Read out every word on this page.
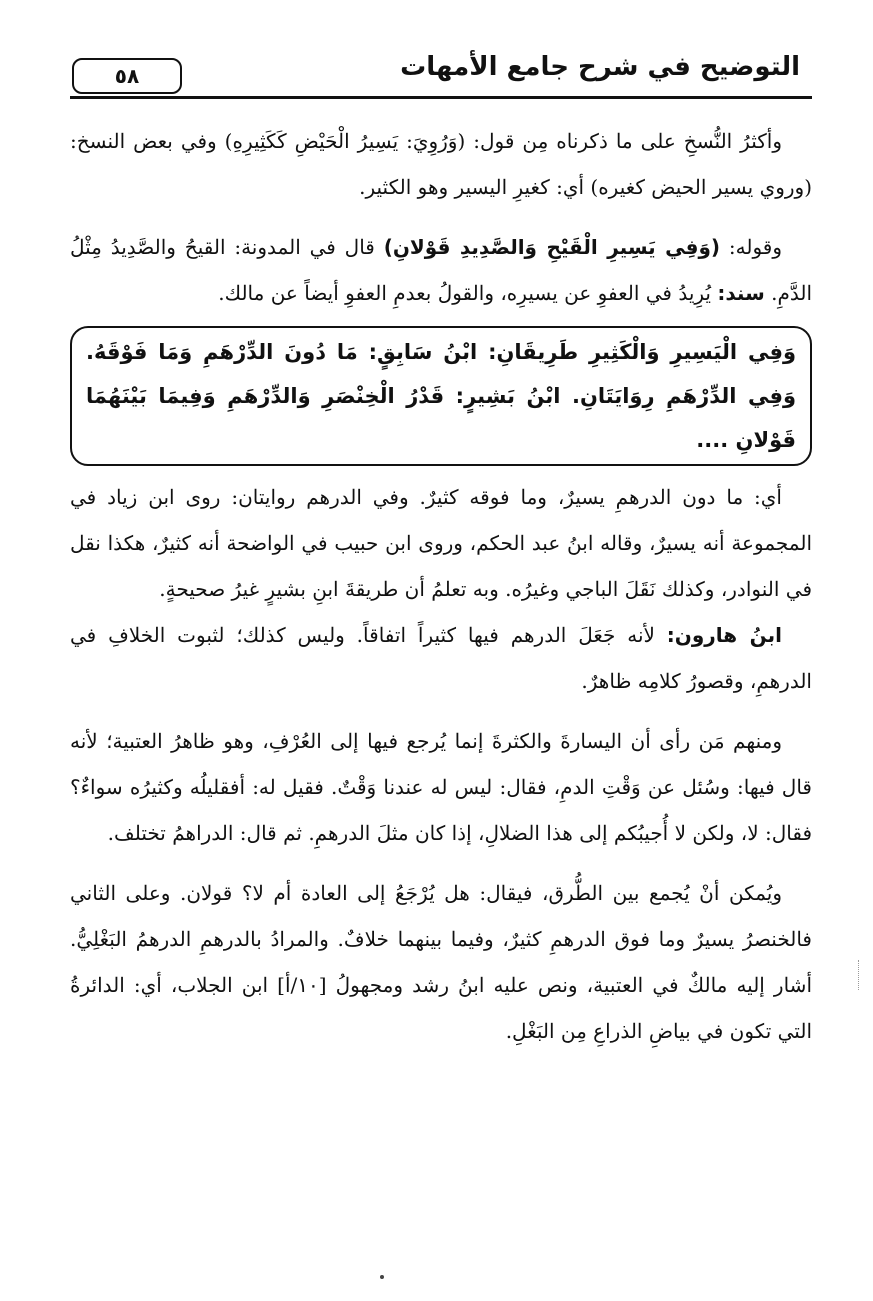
٥٨	التوضيح في شرح جامع الأمهات

وأكثرُ النُّسخِ على ما ذكرناه مِن قول: (وَرُوِيَ: يَسِيرُ الْحَيْضِ كَكَثِيرِهِ) وفي بعض النسخ: (وروي يسير الحيض كغيره) أي: كغيرِ اليسير وهو الكثير.

وقوله: (وَفِي يَسِيرِ الْقَيْحِ وَالصَّدِيدِ قَوْلانِ) قال في المدونة: القيحُ والصَّدِيدُ مِثْلُ الدَّمِ. سند: يُرِيدُ في العفوِ عن يسيرِه، والقولُ بعدمِ العفوِ أيضاً عن مالك.

وَفِي الْيَسِيرِ وَالْكَثِيرِ طَرِيقَانِ: ابْنُ سَابِقٍ: مَا دُونَ الدِّرْهَمِ وَمَا فَوْقَهُ. وَفِي الدِّرْهَمِ رِوَايَتَانِ. ابْنُ بَشِيرٍ: قَدْرُ الْخِنْصَرِ وَالدِّرْهَمِ وَفِيمَا بَيْنَهُمَا قَوْلانِ ....

أي: ما دون الدرهمِ يسيرٌ، وما فوقه كثيرٌ. وفي الدرهم روايتان: روى ابن زياد في المجموعة أنه يسيرٌ، وقاله ابنُ عبد الحكم، وروى ابن حبيب في الواضحة أنه كثيرٌ، هكذا نقل في النوادر، وكذلك نَقَلَ الباجي وغيرُه. وبه تعلمُ أن طريقةَ ابنِ بشيرٍ غيرُ صحيحةٍ.

ابنُ هارون: لأنه جَعَلَ الدرهم فيها كثيراً اتفاقاً. وليس كذلك؛ لثبوت الخلافِ في الدرهمِ، وقصورُ كلامِه ظاهرٌ.

ومنهم مَن رأى أن اليسارةَ والكثرةَ إنما يُرجع فيها إلى العُرْفِ، وهو ظاهرُ العتبية؛ لأنه قال فيها: وسُئل عن وَقْتِ الدمِ، فقال: ليس له عندنا وَقْتٌ. فقيل له: أفقليلُه وكثيرُه سواءٌ؟ فقال: لا، ولكن لا أُجيبُكم إلى هذا الضلالِ، إذا كان مثلَ الدرهمِ. ثم قال: الدراهمُ تختلف.

ويُمكن أنْ يُجمع بين الطُّرق، فيقال: هل يُرْجَعُ إلى العادة أم لا؟ قولان. وعلى الثاني فالخنصرُ يسيرٌ وما فوق الدرهمِ كثيرٌ، وفيما بينهما خلافٌ. والمرادُ بالدرهمِ الدرهمُ البَغْلِيُّ. أشار إليه مالكٌ في العتبية، ونص عليه ابنُ رشد ومجهولُ [١٠/أ] ابن الجلاب، أي: الدائرةُ التي تكون في بياضِ الذراعِ مِن البَغْلِ.
